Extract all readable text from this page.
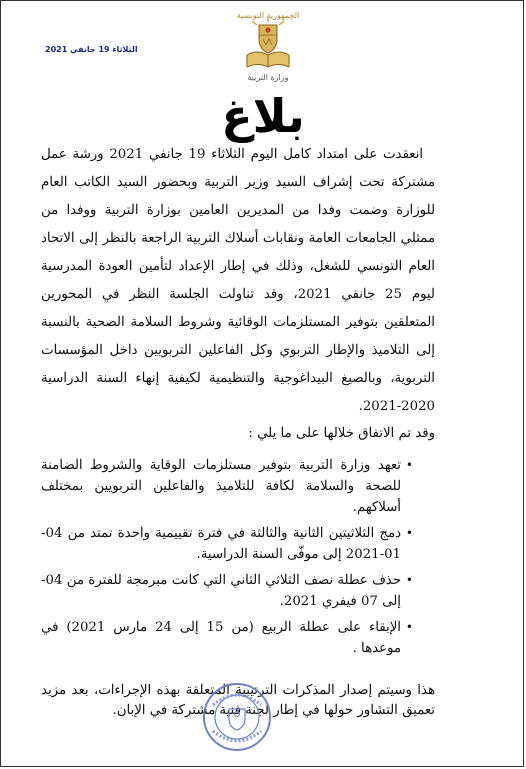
الثلاثاء 19 جانفي 2021
الجمهورية التونسية
وزارة التربية
بلاغ

انعقدت على امتداد كامل اليوم الثلاثاء 19 جانفي 2021 ورشة عمل مشتركة تحت إشراف السيد وزير التربية وبحضور السيد الكاتب العام للوزارة وضمت وفدا من المديرين العامين بوزارة التربية ووفدا من ممثلي الجامعات العامة ونقابات أسلاك التربية الراجعة بالنظر إلى الاتحاد العام التونسي للشغل، وذلك في إطار الإعداد لتأمين العودة المدرسية ليوم 25 جانفي 2021، وقد تناولت الجلسة النظر في المحورين المتعلقين بتوفير المستلزمات الوقائية وشروط السلامة الصحية بالنسبة إلى التلاميذ والإطار التربوي وكل الفاعلين التربويين داخل المؤسسات التربوية، وبالصيغ البيداغوجية والتنظيمية لكيفية إنهاء السنة الدراسية 2020-2021.

وقد تم الاتفاق خلالها على ما يلي :

•
تعهد وزارة التربية بتوفير مستلزمات الوقاية والشروط الضامنة للصحة والسلامة لكافة للتلاميذ والفاعلين التربويين بمختلف أسلاكهم.
•
دمج الثلاثيتين الثانية والثالثة في فترة تقييمية واحدة تمتد من 04-01-2021 إلى موفّى السنة الدراسية.
•
حذف عطلة نصف الثلاثي الثاني التي كانت مبرمجة للفترة من 04-إلى 07 فيفري 2021.
•
الإبقاء على عطلة الربيع (من 15 إلى 24 مارس 2021) في موعدها .

هذا وسيتم إصدار المذكرات الترتيبية المتعلقة بهذه الإجراءات، بعد مزيد تعميق التشاور حولها في إطار لجنة فنية مشتركة في الإبان.
